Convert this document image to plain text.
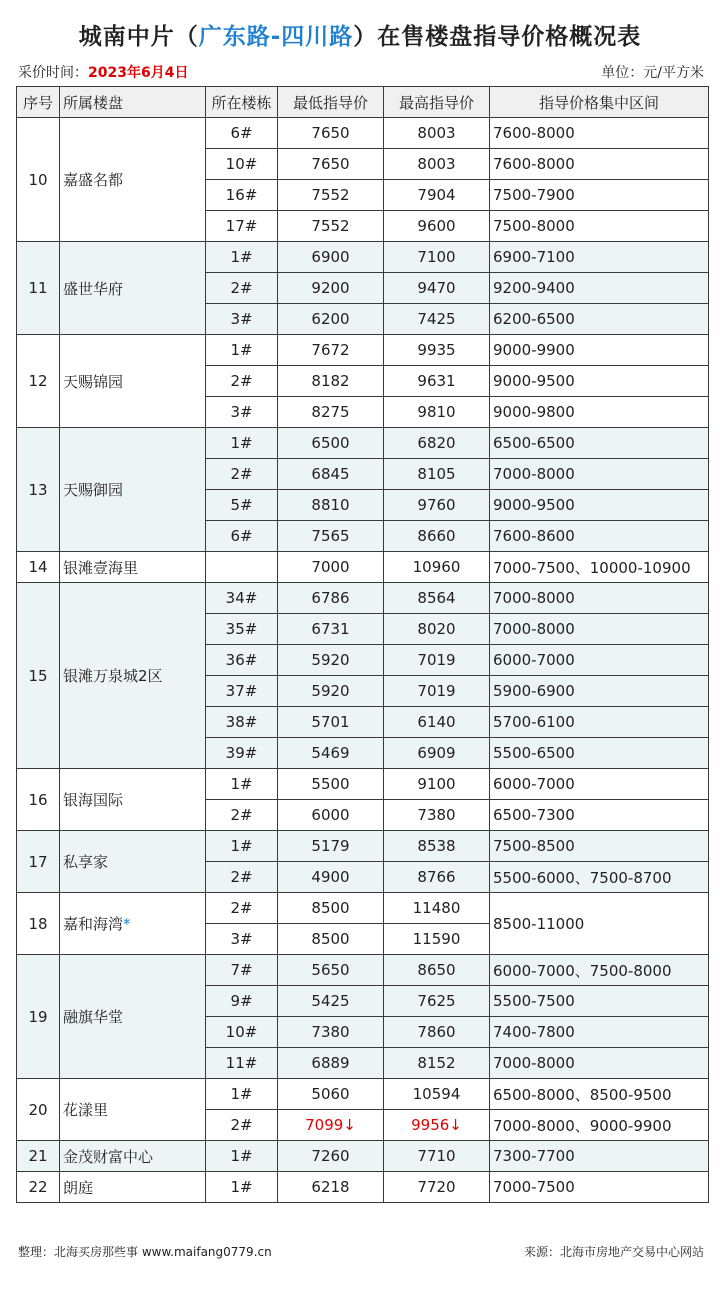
城南中片（广东路-四川路）在售楼盘指导价格概况表
采价时间：2023年6月4日	单位：元/平方米
序号	所属楼盘	所在楼栋	最低指导价	最高指导价	指导价格集中区间
10	嘉盛名都	6#	7650	8003	7600-8000
		10#	7650	8003	7600-8000
		16#	7552	7904	7500-7900
		17#	7552	9600	7500-8000
11	盛世华府	1#	6900	7100	6900-7100
		2#	9200	9470	9200-9400
		3#	6200	7425	6200-6500
12	天赐锦园	1#	7672	9935	9000-9900
		2#	8182	9631	9000-9500
		3#	8275	9810	9000-9800
13	天赐御园	1#	6500	6820	6500-6500
		2#	6845	8105	7000-8000
		5#	8810	9760	9000-9500
		6#	7565	8660	7600-8600
14	银滩壹海里		7000	10960	7000-7500、10000-10900
15	银滩万泉城2区	34#	6786	8564	7000-8000
		35#	6731	8020	7000-8000
		36#	5920	7019	6000-7000
		37#	5920	7019	5900-6900
		38#	5701	6140	5700-6100
		39#	5469	6909	5500-6500
16	银海国际	1#	5500	9100	6000-7000
		2#	6000	7380	6500-7300
17	私享家	1#	5179	8538	7500-8500
		2#	4900	8766	5500-6000、7500-8700
18	嘉和海湾*	2#	8500	11480	8500-11000
		3#	8500	11590	
19	融旗华堂	7#	5650	8650	6000-7000、7500-8000
		9#	5425	7625	5500-7500
		10#	7380	7860	7400-7800
		11#	6889	8152	7000-8000
20	花漾里	1#	5060	10594	6500-8000、8500-9500
		2#	7099↓	9956↓	7000-8000、9000-9900
21	金茂财富中心	1#	7260	7710	7300-7700
22	朗庭	1#	6218	7720	7000-7500
整理：北海买房那些事 www.maifang0779.cn	来源：北海市房地产交易中心网站
